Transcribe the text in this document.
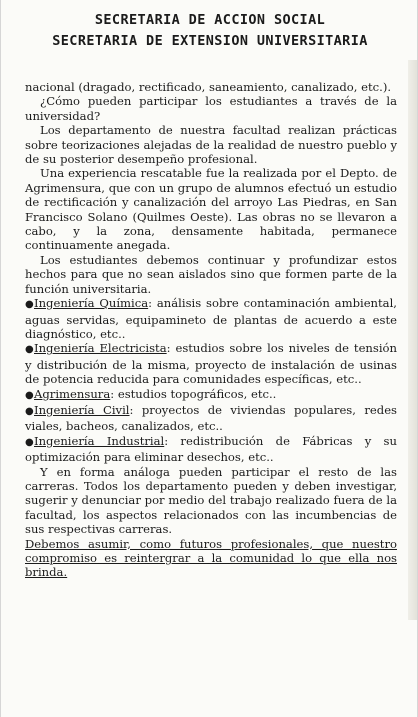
SECRETARIA DE ACCION SOCIAL
SECRETARIA DE EXTENSION UNIVERSITARIA

nacional (dragado, rectificado, saneamiento, canalizado, etc.).

¿Cómo pueden participar los estudiantes a través de la universidad?

Los departamento de nuestra facultad realizan prácticas sobre teorizaciones alejadas de la realidad de nuestro pueblo y de su posterior desempeño profesional.

Una experiencia rescatable fue la realizada por el Depto. de Agrimensura, que con un grupo de alumnos efectuó un estudio de rectificación y canalización del arroyo Las Piedras, en San Francisco Solano (Quilmes Oeste). Las obras no se llevaron a cabo, y la zona, densamente habitada, permanece continuamente anegada.

Los estudiantes debemos continuar y profundizar estos hechos para que no sean aislados sino que formen parte de la función universitaria.

●Ingeniería Química: análisis sobre contaminación ambiental, aguas servidas, equipamineto de plantas de acuerdo a este diagnóstico, etc..

●Ingeniería Electricista: estudios sobre los niveles de tensión y distribución de la misma, proyecto de instalación de usinas de potencia reducida para comunidades específicas, etc..

●Agrimensura: estudios topográficos, etc..

●Ingeniería Civil: proyectos de viviendas populares, redes viales, bacheos, canalizados, etc..

●Ingeniería Industrial: redistribución de Fábricas y su optimización para eliminar desechos, etc..

Y en forma análoga pueden participar el resto de las carreras. Todos los departamento pueden y deben investigar, sugerir y denunciar por medio del trabajo realizado fuera de la facultad, los aspectos relacionados con las incumbencias de sus respectivas carreras.

Debemos asumir, como futuros profesionales, que nuestro compromiso es reintergrar a la comunidad lo que ella nos brinda.
